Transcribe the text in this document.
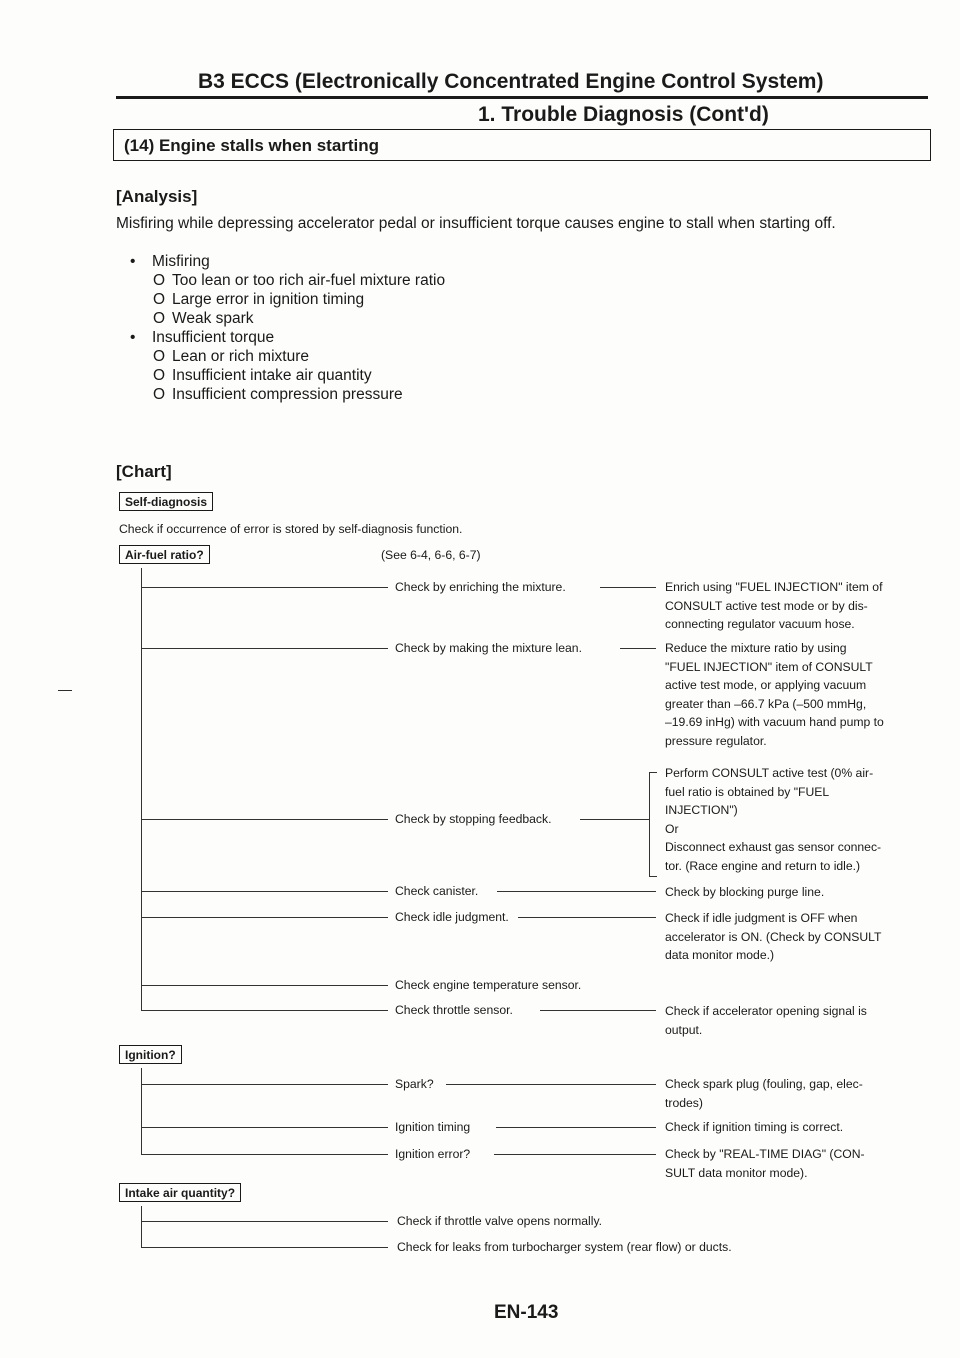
B3 ECCS (Electronically Concentrated Engine Control System)
1. Trouble Diagnosis (Cont'd)
(14) Engine stalls when starting
[Analysis]
Misfiring while depressing accelerator pedal or insufficient torque causes engine to stall when starting off.
• Misfiring
O Too lean or too rich air-fuel mixture ratio
O Large error in ignition timing
O Weak spark
• Insufficient torque
O Lean or rich mixture
O Insufficient intake air quantity
O Insufficient compression pressure
[Chart]
Self-diagnosis
Check if occurrence of error is stored by self-diagnosis function.
Air-fuel ratio?	(See 6-4, 6-6, 6-7)
Check by enriching the mixture.
Check by making the mixture lean.
Check by stopping feedback.
Check canister.
Check idle judgment.
Check engine temperature sensor.
Check throttle sensor.
Enrich using "FUEL INJECTION" item of
CONSULT active test mode or by dis-
connecting regulator vacuum hose.
Reduce the mixture ratio by using
"FUEL INJECTION" item of CONSULT
active test mode, or applying vacuum
greater than –66.7 kPa (–500 mmHg,
–19.69 inHg) with vacuum hand pump to
pressure regulator.
Perform CONSULT active test (0% air-
fuel ratio is obtained by "FUEL
INJECTION")
Or
Disconnect exhaust gas sensor connec-
tor. (Race engine and return to idle.)
Check by blocking purge line.
Check if idle judgment is OFF when
accelerator is ON. (Check by CONSULT
data monitor mode.)
Check if accelerator opening signal is
output.
Ignition?
Spark?
Ignition timing
Ignition error?
Check spark plug (fouling, gap, elec-
trodes)
Check if ignition timing is correct.
Check by "REAL-TIME DIAG" (CON-
SULT data monitor mode).
Intake air quantity?
Check if throttle valve opens normally.
Check for leaks from turbocharger system (rear flow) or ducts.
EN-143
—
